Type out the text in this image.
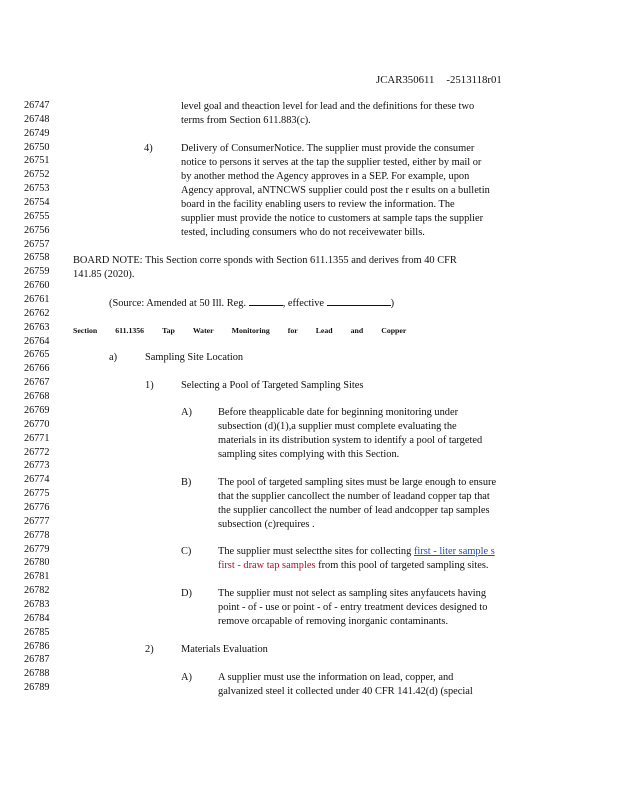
JCAR350611 -2513118r01
26747
26748
26749
26750
26751
26752
26753
26754
26755
26756
26757
26758
26759
26760
26761
26762
26763
26764
26765
26766
26767
26768
26769
26770
26771
26772
26773
26774
26775
26776
26777
26778
26779
26780
26781
26782
26783
26784
26785
26786
26787
26788
26789
level goal and theaction level for lead and the definitions for these two
terms from Section 611.883(c).
4)	Delivery of ConsumerNotice. The supplier must provide the consumer
notice to persons it serves at the tap the supplier tested, either by mail or
by another method the Agency approves in a SEP. For example, upon
Agency approval, aNTNCWS supplier could post the r esults on a bulletin
board in the facility enabling users to review the information. The
supplier must provide the notice to customers at sample taps the supplier
tested, including consumers who do not receivewater bills.
BOARD NOTE: This Section corre sponds with Section 611.1355 and derives from 40 CFR
141.85 (2020).
(Source: Amended at 50 Ill. Reg.	, effective	)
Section 611.1356 Tap Water Monitoring for Lead and Copper
a)	Sampling Site Location
1)	Selecting a Pool of Targeted Sampling Sites
A)	Before theapplicable date for beginning monitoring under
subsection (d)(1),a supplier must complete evaluating the
materials in its distribution system to identify a pool of targeted
sampling sites complying with this Section.
B)	The pool of targeted sampling sites must be large enough to ensure
that the supplier cancollect the number of leadand copper tap that
the supplier cancollect the number of lead andcopper tap samples
subsection (c)requires .
C)	The supplier must selectthe sites for collecting first - liter sample s
first - draw tap samples from this pool of targeted sampling sites.
D)	The supplier must not select as sampling sites anyfaucets having
point - of - use or point - of - entry treatment devices designed to
remove orcapable of removing inorganic contaminants.
2)	Materials Evaluation
A)	A supplier must use the information on lead, copper, and
galvanized steel it collected under 40 CFR 141.42(d) (special
